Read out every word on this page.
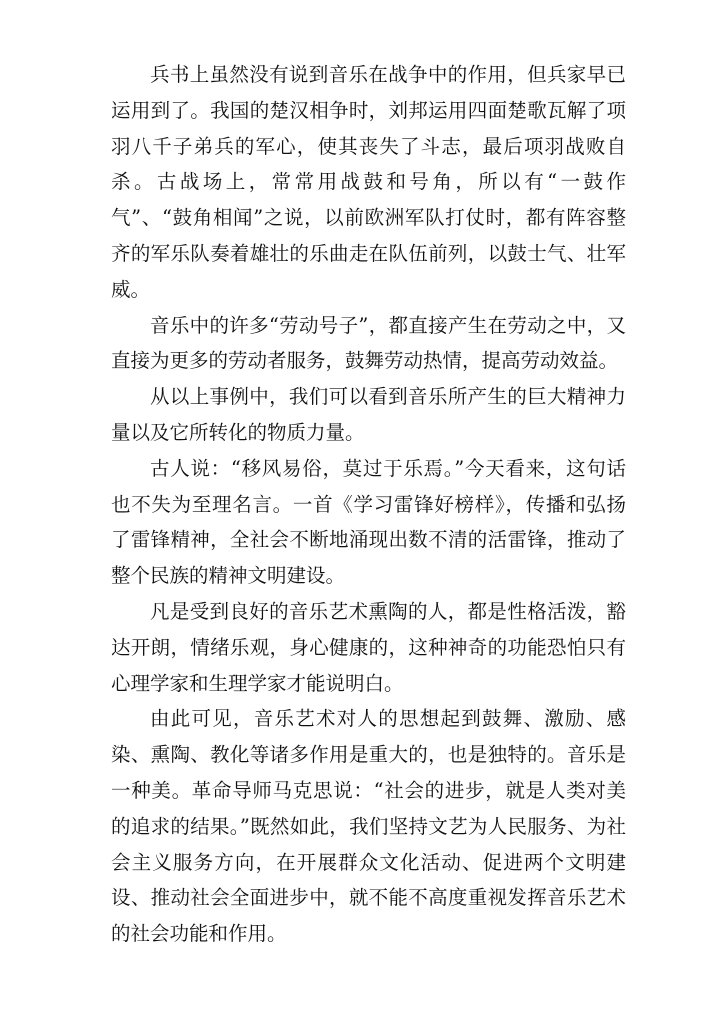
兵书上虽然没有说到音乐在战争中的作用，但兵家早已运用到了。我国的楚汉相争时，刘邦运用四面楚歌瓦解了项羽八千子弟兵的军心，使其丧失了斗志，最后项羽战败自杀。古战场上，常常用战鼓和号角，所以有“一鼓作气”、“鼓角相闻”之说，以前欧洲军队打仗时，都有阵容整齐的军乐队奏着雄壮的乐曲走在队伍前列，以鼓士气、壮军威。

音乐中的许多“劳动号子”，都直接产生在劳动之中，又直接为更多的劳动者服务，鼓舞劳动热情，提高劳动效益。

从以上事例中，我们可以看到音乐所产生的巨大精神力量以及它所转化的物质力量。

古人说：“移风易俗，莫过于乐焉。”今天看来，这句话也不失为至理名言。一首《学习雷锋好榜样》，传播和弘扬了雷锋精神，全社会不断地涌现出数不清的活雷锋，推动了整个民族的精神文明建设。

凡是受到良好的音乐艺术熏陶的人，都是性格活泼，豁达开朗，情绪乐观，身心健康的，这种神奇的功能恐怕只有心理学家和生理学家才能说明白。

由此可见，音乐艺术对人的思想起到鼓舞、激励、感染、熏陶、教化等诸多作用是重大的，也是独特的。音乐是一种美。革命导师马克思说：“社会的进步，就是人类对美的追求的结果。”既然如此，我们坚持文艺为人民服务、为社会主义服务方向，在开展群众文化活动、促进两个文明建设、推动社会全面进步中，就不能不高度重视发挥音乐艺术的社会功能和作用。
